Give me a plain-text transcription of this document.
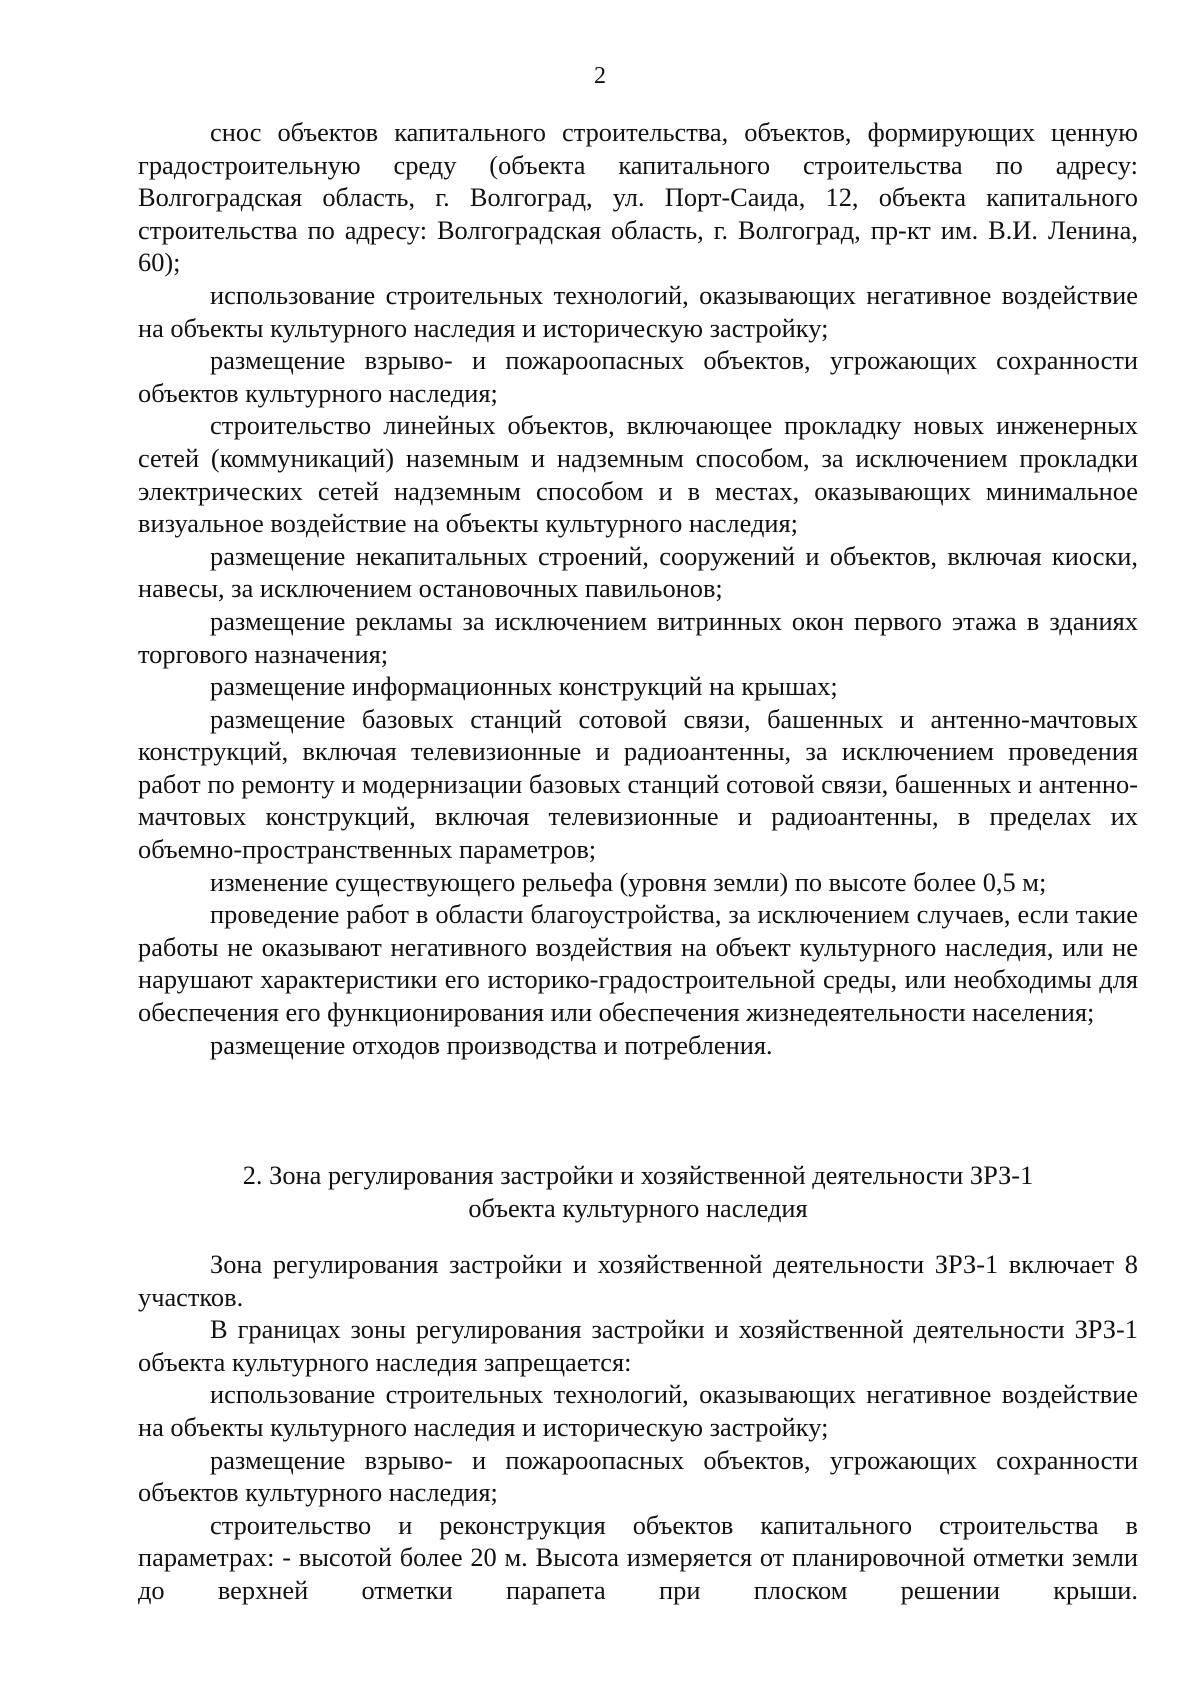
2

снос объектов капитального строительства, объектов, формирующих ценную градостроительную среду (объекта капитального строительства по адресу: Волгоградская область, г. Волгоград, ул. Порт-Саида, 12, объекта капитального строительства по адресу: Волгоградская область, г. Волгоград, пр-кт им. В.И. Ленина, 60);

использование строительных технологий, оказывающих негативное воздействие на объекты культурного наследия и историческую застройку;

размещение взрыво- и пожароопасных объектов, угрожающих сохранности объектов культурного наследия;

строительство линейных объектов, включающее прокладку новых инженерных сетей (коммуникаций) наземным и надземным способом, за исключением прокладки электрических сетей надземным способом и в местах, оказывающих минимальное визуальное воздействие на объекты культурного наследия;

размещение некапитальных строений, сооружений и объектов, включая киоски, навесы, за исключением остановочных павильонов;

размещение рекламы за исключением витринных окон первого этажа в зданиях торгового назначения;

размещение информационных конструкций на крышах;

размещение базовых станций сотовой связи, башенных и антенно-мачтовых конструкций, включая телевизионные и радиоантенны, за исключением проведения работ по ремонту и модернизации базовых станций сотовой связи, башенных и антенно-мачтовых конструкций, включая телевизионные и радиоантенны, в пределах их объемно-пространственных параметров;

изменение существующего рельефа (уровня земли) по высоте более 0,5 м;

проведение работ в области благоустройства, за исключением случаев, если такие работы не оказывают негативного воздействия на объект культурного наследия, или не нарушают характеристики его историко-градостроительной среды, или необходимы для обеспечения его функционирования или обеспечения жизнедеятельности населения;

размещение отходов производства и потребления.

2. Зона регулирования застройки и хозяйственной деятельности ЗРЗ-1

объекта культурного наследия

Зона регулирования застройки и хозяйственной деятельности ЗРЗ-1 включает 8 участков.

В границах зоны регулирования застройки и хозяйственной деятельности ЗРЗ-1 объекта культурного наследия запрещается:

использование строительных технологий, оказывающих негативное воздействие на объекты культурного наследия и историческую застройку;

размещение взрыво- и пожароопасных объектов, угрожающих сохранности объектов культурного наследия;

строительство и реконструкция объектов капитального строительства в параметрах: - высотой более 20 м. Высота измеряется от планировочной отметки земли до верхней отметки парапета при плоском решении крыши.
